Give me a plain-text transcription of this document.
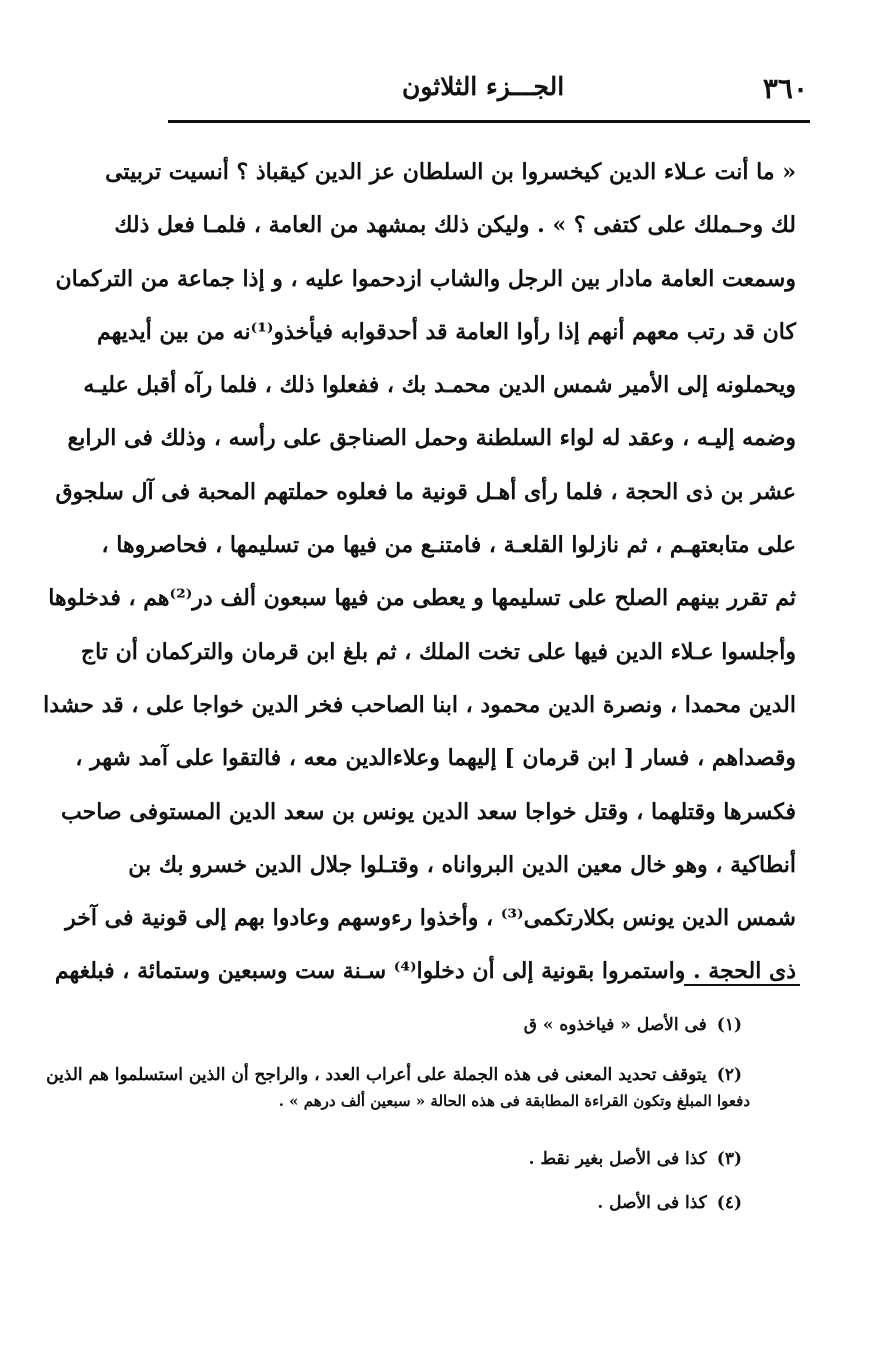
٣٦٠
الجـــزء الثلاثون
« ما أنت عـلاء الدين كيخسروا بن السلطان عز الدين كيقباذ ؟ أنسيت تربيتى
لك وحـملك على كتفى ؟ » . وليكن ذلك بمشهد من العامة ، فلمـا فعل ذلك
وسمعت العامة مادار بين الرجل والشاب ازدحموا عليه ، و إذا جماعة من التركمان
كان قد رتب معهم أنهم إذا رأوا العامة قد أحدقوابه فيأخذو⁽¹⁾نه من بين أيديهم
ويحملونه إلى الأمير شمس الدين محمـد بك ، ففعلوا ذلك ، فلما رآه أقبل عليـه
وضمه إليـه ، وعقد له لواء السلطنة وحمل الصناجق على رأسه ، وذلك فى الرابع
عشر بن ذى الحجة ، فلما رأى أهـل قونية ما فعلوه حملتهم المحبة فى آل سلجوق
على متابعتهـم ، ثم نازلوا القلعـة ، فامتنـع من فيها من تسليمها ، فحاصروها ،
ثم تقرر بينهم الصلح على تسليمها و يعطى من فيها سبعون ألف در⁽²⁾هم ، فدخلوها
وأجلسوا عـلاء الدين فيها على تخت الملك ، ثم بلغ ابن قرمان والتركمان أن تاج
الدين محمدا ، ونصرة الدين محمود ، ابنا الصاحب فخر الدين خواجا على ، قد حشدا
وقصداهم ، فسار [ ابن قرمان ] إليهما وعلاءالدين معه ، فالتقوا على آمد شهر ،
فكسرها وقتلهما ، وقتل خواجا سعد الدين يونس بن سعد الدين المستوفى صاحب
أنطاكية ، وهو خال معين الدين البرواناه ، وقتـلوا جلال الدين خسرو بك بن
شمس الدين يونس بكلارتكمى⁽³⁾ ، وأخذوا رءوسهم وعادوا بهم إلى قونية فى آخر
ذى الحجة . واستمروا بقونية إلى أن دخلوا⁽⁴⁾ سـنة ست وسبعين وستمائة ، فبلغهم
(١)فى الأصل « فياخذوه » ق
(٢)يتوقف تحديد المعنى فى هذه الجملة على أعراب العدد ، والراجح أن الذين استسلموا هم الذين
دفعوا المبلغ وتكون القراءة المطابقة فى هذه الحالة « سبعين ألف درهم » .
(٣)كذا فى الأصل بغير نقط .
(٤)كذا فى الأصل .
